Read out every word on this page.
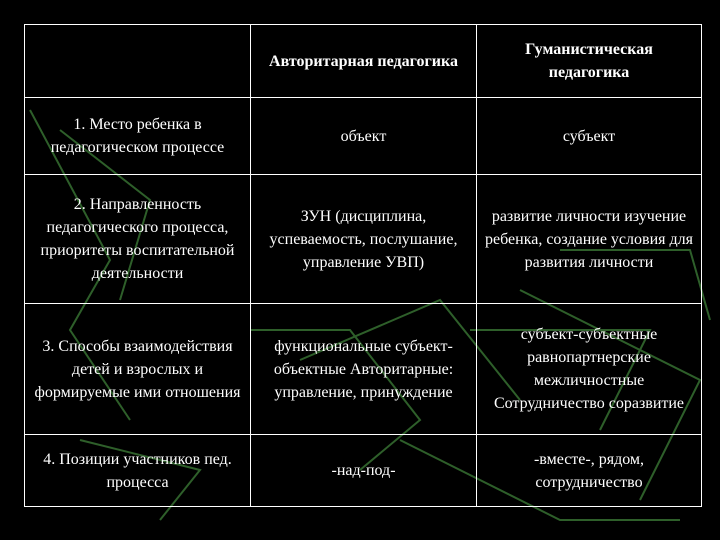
	Авторитарная педагогика	Гуманистическая педагогика
1. Место ребенка в педагогическом процессе	объект	субъект
2. Направленность педагогического процесса, приоритеты воспитательной деятельности	ЗУН (дисциплина, успеваемость, послушание, управление УВП)	развитие личности изучение ребенка, создание условия для развития личности
3. Способы взаимодействия детей и взрослых и формируемые ими отношения	функциональные субъект-объектные Авторитарные: управление, принуждение	субъект-субъектные равнопартнерские межличностные Сотрудничество соразвитие
4. Позиции участников пед. процесса	-над-под-	-вместе-, рядом, сотрудничество
